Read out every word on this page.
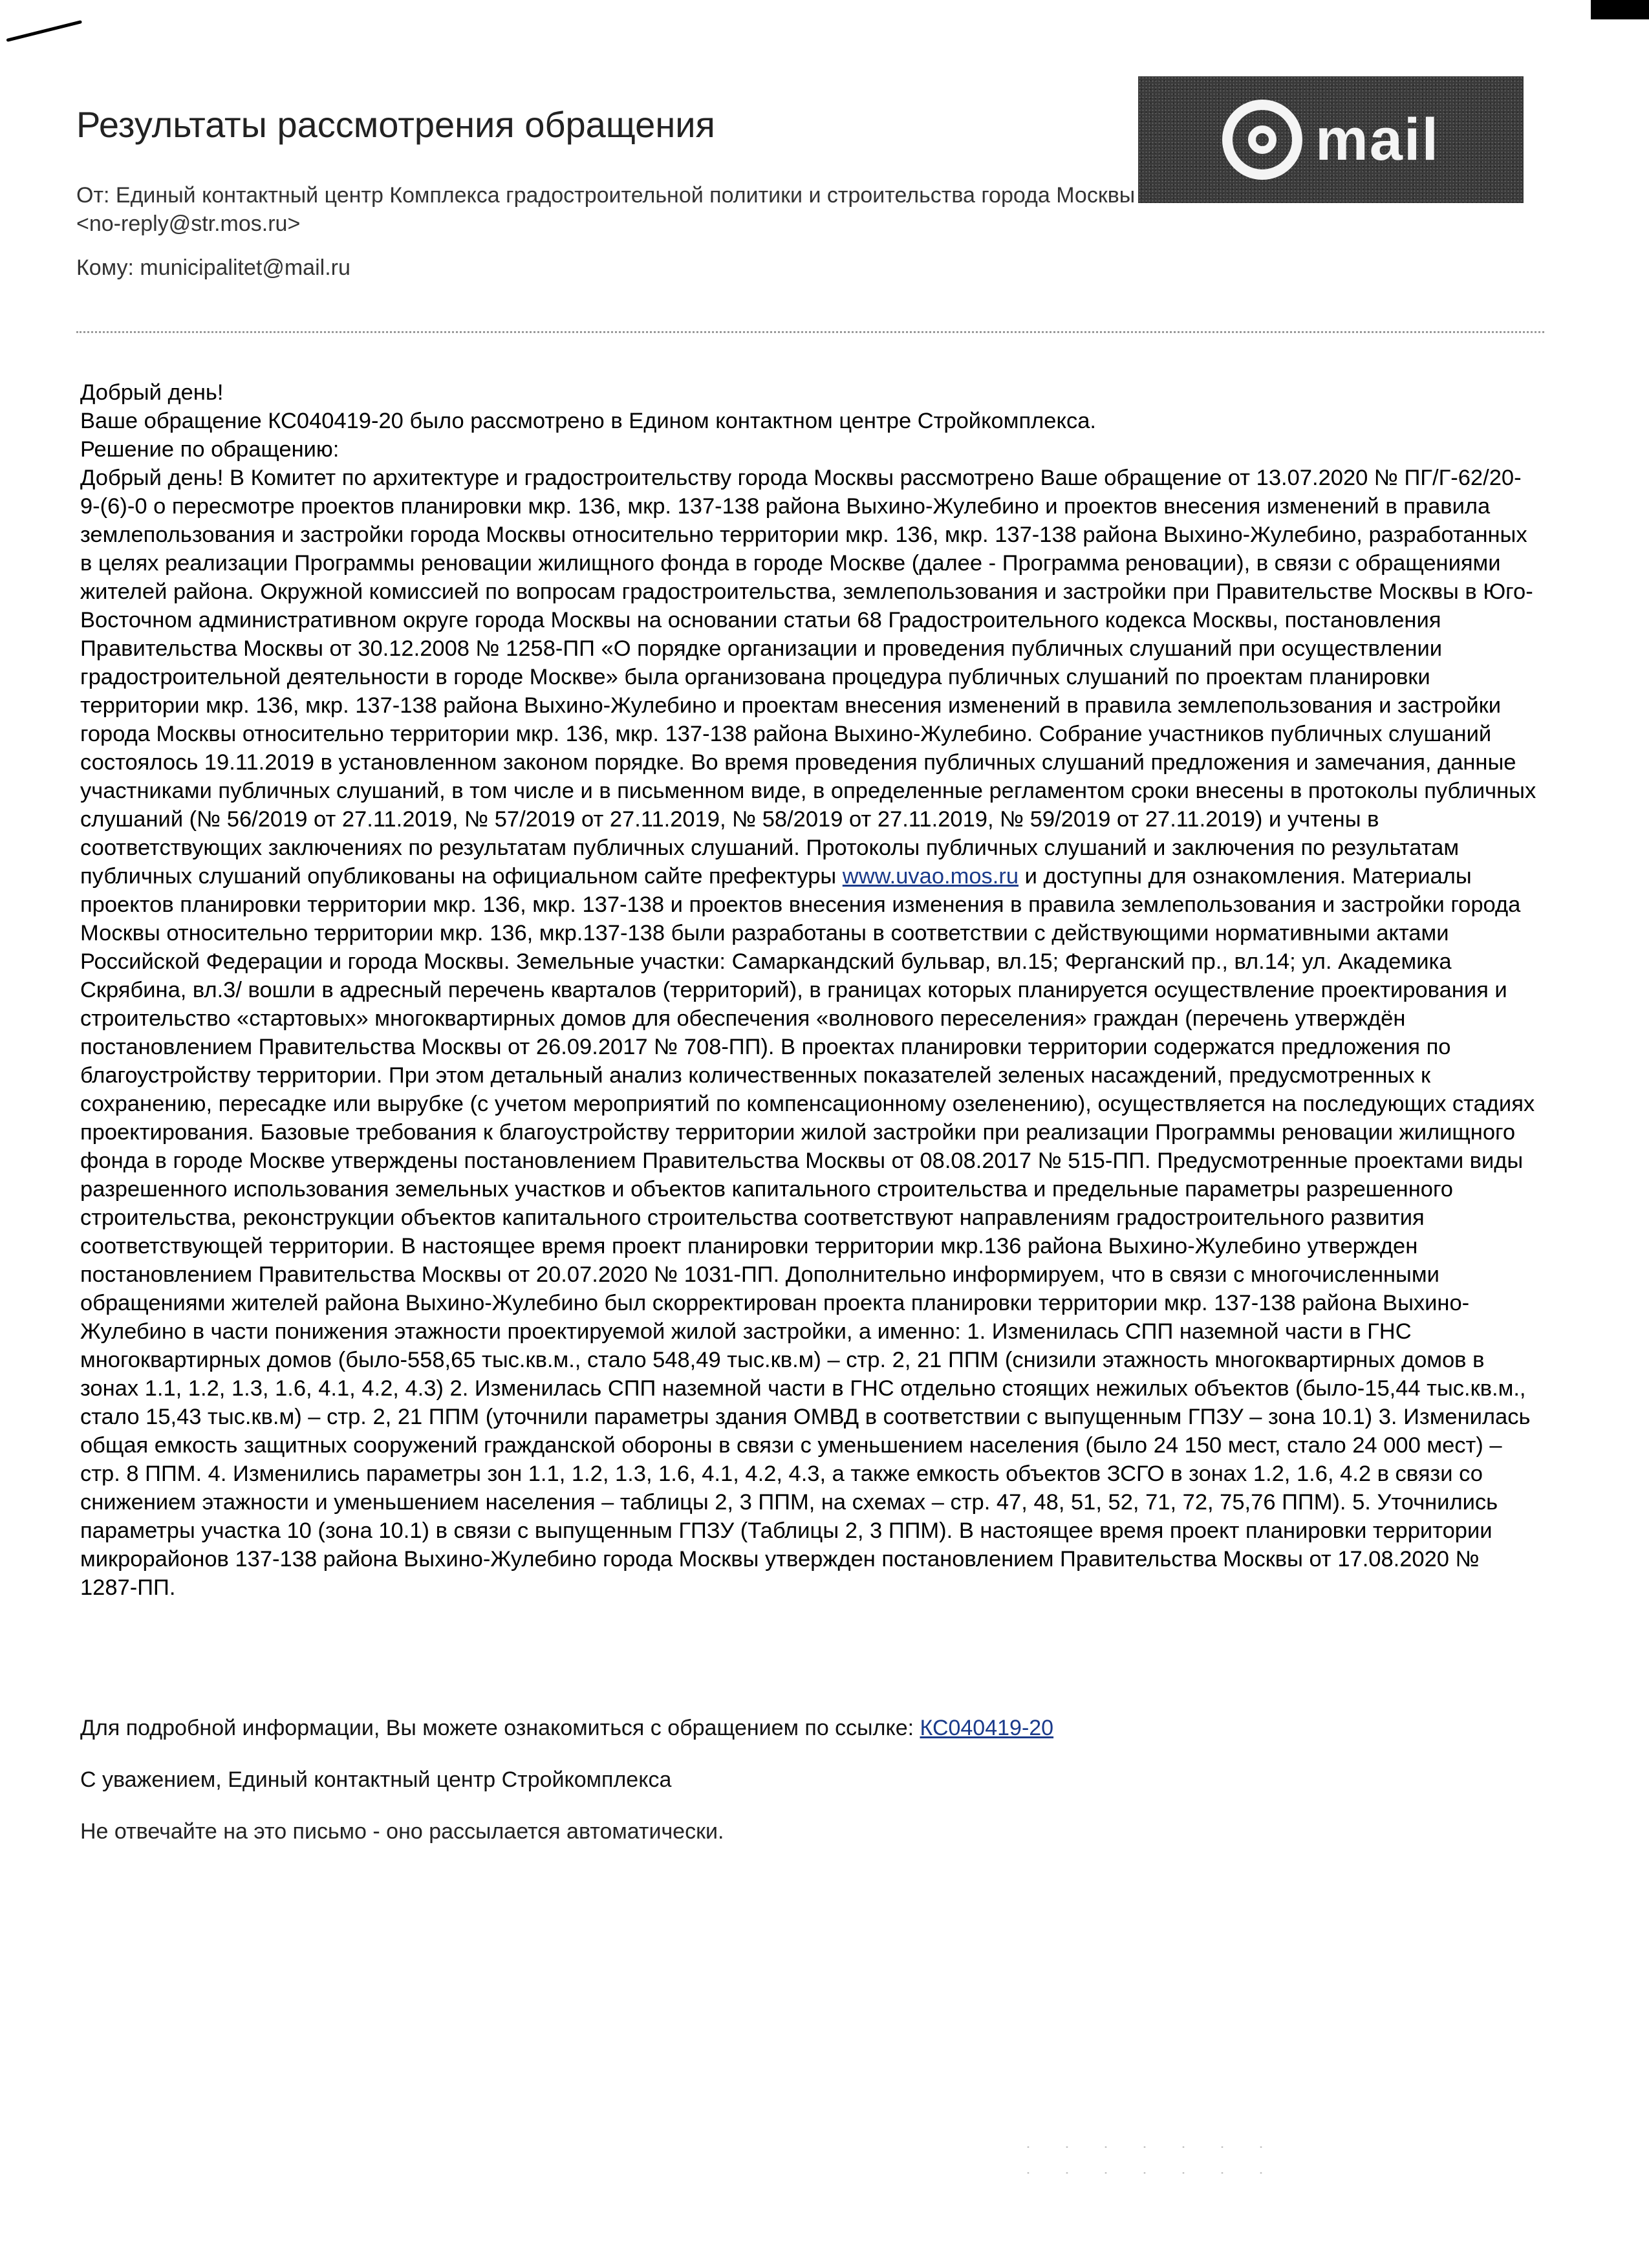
Результаты рассмотрения обращения	mail
От: Единый контактный центр Комплекса градостроительной политики и строительства города Москвы <no-reply@str.mos.ru>
Кому: municipalitet@mail.ru

Добрый день!

Ваше обращение КС040419-20 было рассмотрено в Едином контактном центре Стройкомплекса.

Решение по обращению:

Добрый день! В Комитет по архитектуре и градостроительству города Москвы рассмотрено Ваше обращение от 13.07.2020 № ПГ/Г-62/20-9-(6)-0 о пересмотре проектов планировки мкр. 136, мкр. 137-138 района Выхино-Жулебино и проектов внесения изменений в правила землепользования и застройки города Москвы относительно территории мкр. 136, мкр. 137-138 района Выхино-Жулебино, разработанных в целях реализации Программы реновации жилищного фонда в городе Москве (далее - Программа реновации), в связи с обращениями жителей района. Окружной комиссией по вопросам градостроительства, землепользования и застройки при Правительстве Москвы в Юго-Восточном административном округе города Москвы на основании статьи 68 Градостроительного кодекса Москвы, постановления Правительства Москвы от 30.12.2008 № 1258-ПП «О порядке организации и проведения публичных слушаний при осуществлении градостроительной деятельности в городе Москве» была организована процедура публичных слушаний по проектам планировки территории мкр. 136, мкр. 137-138 района Выхино-Жулебино и проектам внесения изменений в правила землепользования и застройки города Москвы относительно территории мкр. 136, мкр. 137-138 района Выхино-Жулебино. Собрание участников публичных слушаний состоялось 19.11.2019 в установленном законом порядке. Во время проведения публичных слушаний предложения и замечания, данные участниками публичных слушаний, в том числе и в письменном виде, в определенные регламентом сроки внесены в протоколы публичных слушаний (№ 56/2019 от 27.11.2019, № 57/2019 от 27.11.2019, № 58/2019 от 27.11.2019, № 59/2019 от 27.11.2019) и учтены в соответствующих заключениях по результатам публичных слушаний. Протоколы публичных слушаний и заключения по результатам публичных слушаний опубликованы на официальном сайте префектуры www.uvao.mos.ru и доступны для ознакомления. Материалы проектов планировки территории мкр. 136, мкр. 137-138 и проектов внесения изменения в правила землепользования и застройки города Москвы относительно территории мкр. 136, мкр.137-138 были разработаны в соответствии с действующими нормативными актами Российской Федерации и города Москвы. Земельные участки: Самаркандский бульвар, вл.15; Ферганский пр., вл.14; ул. Академика Скрябина, вл.3/ вошли в адресный перечень кварталов (территорий), в границах которых планируется осуществление проектирования и строительство «стартовых» многоквартирных домов для обеспечения «волнового переселения» граждан (перечень утверждён постановлением Правительства Москвы от 26.09.2017 № 708-ПП). В проектах планировки территории содержатся предложения по благоустройству территории. При этом детальный анализ количественных показателей зеленых насаждений, предусмотренных к сохранению, пересадке или вырубке (с учетом мероприятий по компенсационному озеленению), осуществляется на последующих стадиях проектирования. Базовые требования к благоустройству территории жилой застройки при реализации Программы реновации жилищного фонда в городе Москве утверждены постановлением Правительства Москвы от 08.08.2017 № 515-ПП. Предусмотренные проектами виды разрешенного использования земельных участков и объектов капитального строительства и предельные параметры разрешенного строительства, реконструкции объектов капитального строительства соответствуют направлениям градостроительного развития соответствующей территории. В настоящее время проект планировки территории мкр.136 района Выхино-Жулебино утвержден постановлением Правительства Москвы от 20.07.2020 № 1031-ПП. Дополнительно информируем, что в связи с многочисленными обращениями жителей района Выхино-Жулебино был скорректирован проекта планировки территории мкр. 137-138 района Выхино-Жулебино в части понижения этажности проектируемой жилой застройки, а именно: 1. Изменилась СПП наземной части в ГНС многоквартирных домов (было-558,65 тыс.кв.м., стало 548,49 тыс.кв.м) – стр. 2, 21 ППМ (снизили этажность многоквартирных домов в зонах 1.1, 1.2, 1.3, 1.6, 4.1, 4.2, 4.3) 2. Изменилась СПП наземной части в ГНС отдельно стоящих нежилых объектов (было-15,44 тыс.кв.м., стало 15,43 тыс.кв.м) – стр. 2, 21 ППМ (уточнили параметры здания ОМВД в соответствии с выпущенным ГПЗУ – зона 10.1) 3. Изменилась общая емкость защитных сооружений гражданской обороны в связи с уменьшением населения (было 24 150 мест, стало 24 000 мест) – стр. 8 ППМ. 4. Изменились параметры зон 1.1, 1.2, 1.3, 1.6, 4.1, 4.2, 4.3, а также емкость объектов ЗСГО в зонах 1.2, 1.6, 4.2 в связи со снижением этажности и уменьшением населения – таблицы 2, 3 ППМ, на схемах – стр. 47, 48, 51, 52, 71, 72, 75,76 ППМ). 5. Уточнились параметры участка 10 (зона 10.1) в связи с выпущенным ГПЗУ (Таблицы 2, 3 ППМ). В настоящее время проект планировки территории микрорайонов 137-138 района Выхино-Жулебино города Москвы утвержден постановлением Правительства Москвы от 17.08.2020 № 1287-ПП.

Для подробной информации, Вы можете ознакомиться с обращением по ссылке: КС040419-20
С уважением, Единый контактный центр Стройкомплекса
Не отвечайте на это письмо - оно рассылается автоматически.
